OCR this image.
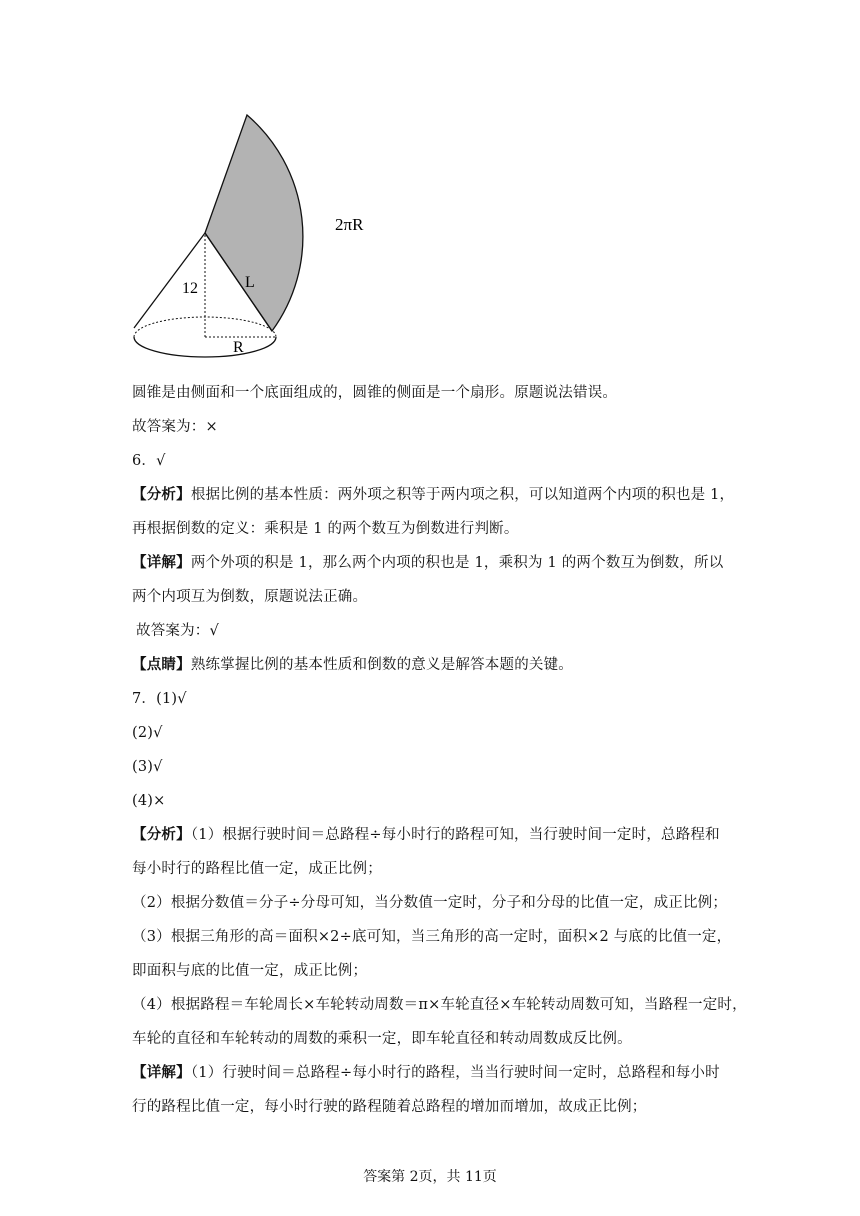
2πR
12	L
R
圆锥是由侧面和一个底面组成的，圆锥的侧面是一个扇形。原题说法错误。
故答案为：×
6．√
【分析】根据比例的基本性质：两外项之积等于两内项之积，可以知道两个内项的积也是 1，
再根据倒数的定义：乘积是 1 的两个数互为倒数进行判断。
【详解】两个外项的积是 1，那么两个内项的积也是 1，乘积为 1 的两个数互为倒数，所以
两个内项互为倒数，原题说法正确。
故答案为：√
【点睛】熟练掌握比例的基本性质和倒数的意义是解答本题的关键。
7．(1)√
(2)√
(3)√
(4)×
【分析】（1）根据行驶时间＝总路程÷每小时行的路程可知，当行驶时间一定时，总路程和
每小时行的路程比值一定，成正比例；
（2）根据分数值＝分子÷分母可知，当分数值一定时，分子和分母的比值一定，成正比例；
（3）根据三角形的高＝面积×2÷底可知，当三角形的高一定时，面积×2 与底的比值一定，
即面积与底的比值一定，成正比例；
（4）根据路程＝车轮周长×车轮转动周数＝π×车轮直径×车轮转动周数可知，当路程一定时，
车轮的直径和车轮转动的周数的乘积一定，即车轮直径和转动周数成反比例。
【详解】（1）行驶时间＝总路程÷每小时行的路程，当当行驶时间一定时，总路程和每小时
行的路程比值一定，每小时行驶的路程随着总路程的增加而增加，故成正比例；
答案第 2页，共 11页
